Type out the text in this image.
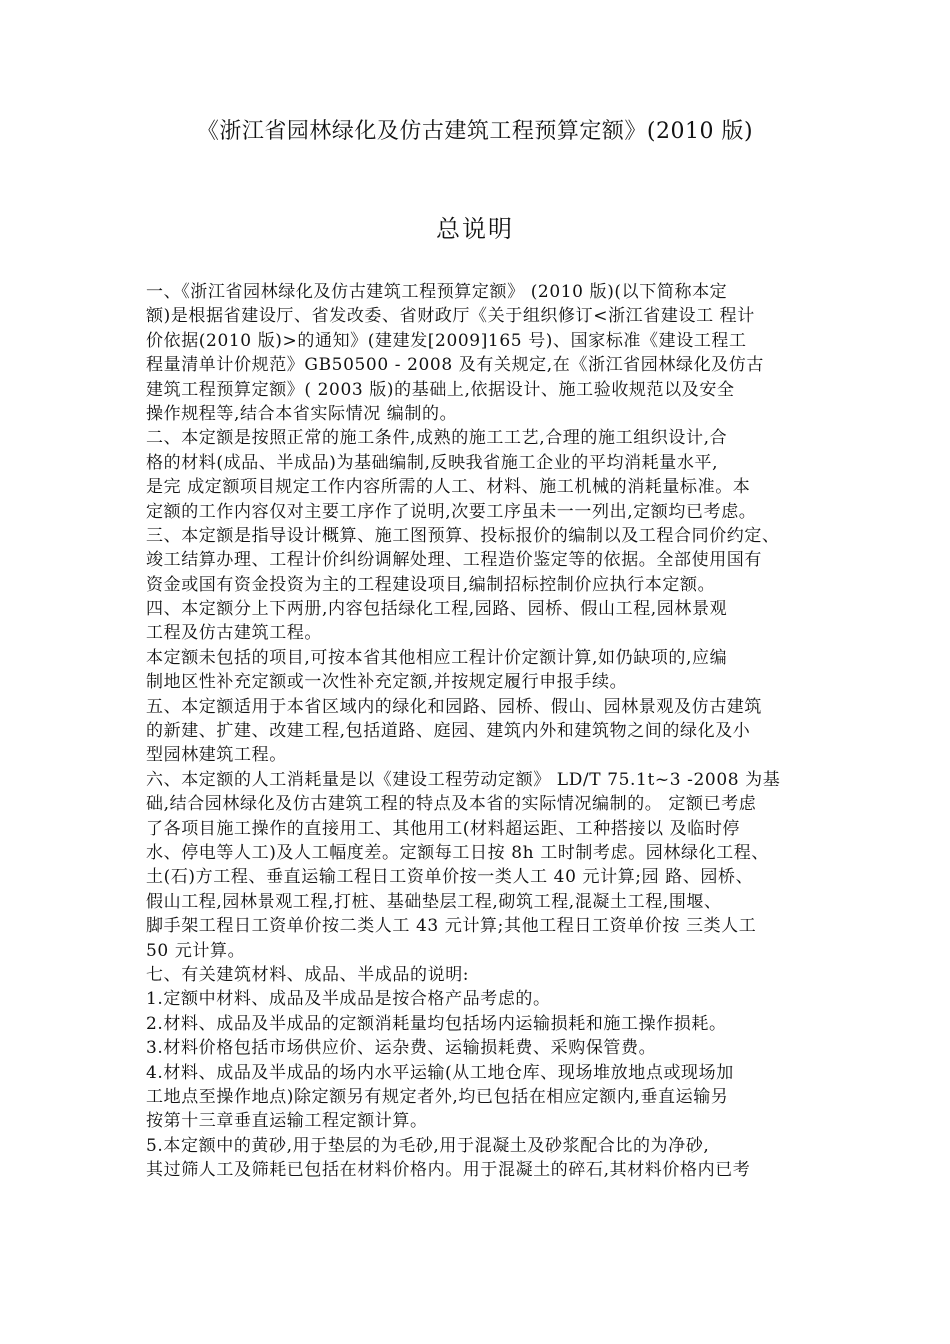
《浙江省园林绿化及仿古建筑工程预算定额》(2010 版)
总说明
一、《浙江省园林绿化及仿古建筑工程预算定额》 (2010 版)(以下简称本定
额)是根据省建设厅、省发改委、省财政厅《关于组织修订<浙江省建设工 程计
价依据(2010 版)>的通知》(建建发[2009]165 号)、国家标准《建设工程工
程量清单计价规范》GB50500 - 2008 及有关规定,在《浙江省园林绿化及仿古
建筑工程预算定额》( 2003 版)的基础上,依据设计、施工验收规范以及安全
操作规程等,结合本省实际情况 编制的。
二、本定额是按照正常的施工条件,成熟的施工工艺,合理的施工组织设计,合
格的材料(成品、半成品)为基础编制,反映我省施工企业的平均消耗量水平,
是完 成定额项目规定工作内容所需的人工、材料、施工机械的消耗量标准。本
定额的工作内容仅对主要工序作了说明,次要工序虽未一一列出,定额均已考虑。
三、本定额是指导设计概算、施工图预算、投标报价的编制以及工程合同价约定、
竣工结算办理、工程计价纠纷调解处理、工程造价鉴定等的依据。全部使用国有
资金或国有资金投资为主的工程建设项目,编制招标控制价应执行本定额。
四、本定额分上下两册,内容包括绿化工程,园路、园桥、假山工程,园林景观
工程及仿古建筑工程。
本定额未包括的项目,可按本省其他相应工程计价定额计算,如仍缺项的,应编
制地区性补充定额或一次性补充定额,并按规定履行申报手续。
五、本定额适用于本省区域内的绿化和园路、园桥、假山、园林景观及仿古建筑
的新建、扩建、改建工程,包括道路、庭园、建筑内外和建筑物之间的绿化及小
型园林建筑工程。
六、本定额的人工消耗量是以《建设工程劳动定额》 LD/T 75.1t~3 -2008 为基
础,结合园林绿化及仿古建筑工程的特点及本省的实际情况编制的。 定额已考虑
了各项目施工操作的直接用工、其他用工(材料超运距、工种搭接以 及临时停
水、停电等人工)及人工幅度差。定额每工日按 8h 工时制考虑。园林绿化工程、
土(石)方工程、垂直运输工程日工资单价按一类人工 40 元计算;园 路、园桥、
假山工程,园林景观工程,打桩、基础垫层工程,砌筑工程,混凝土工程,围堰、
脚手架工程日工资单价按二类人工 43 元计算;其他工程日工资单价按 三类人工
50 元计算。
七、有关建筑材料、成品、半成品的说明:
1.定额中材料、成品及半成品是按合格产品考虑的。
2.材料、成品及半成品的定额消耗量均包括场内运输损耗和施工操作损耗。
3.材料价格包括市场供应价、运杂费、运输损耗费、采购保管费。
4.材料、成品及半成品的场内水平运输(从工地仓库、现场堆放地点或现场加
工地点至操作地点)除定额另有规定者外,均已包括在相应定额内,垂直运输另
按第十三章垂直运输工程定额计算。
5.本定额中的黄砂,用于垫层的为毛砂,用于混凝土及砂浆配合比的为净砂,
其过筛人工及筛耗已包括在材料价格内。用于混凝土的碎石,其材料价格内已考
